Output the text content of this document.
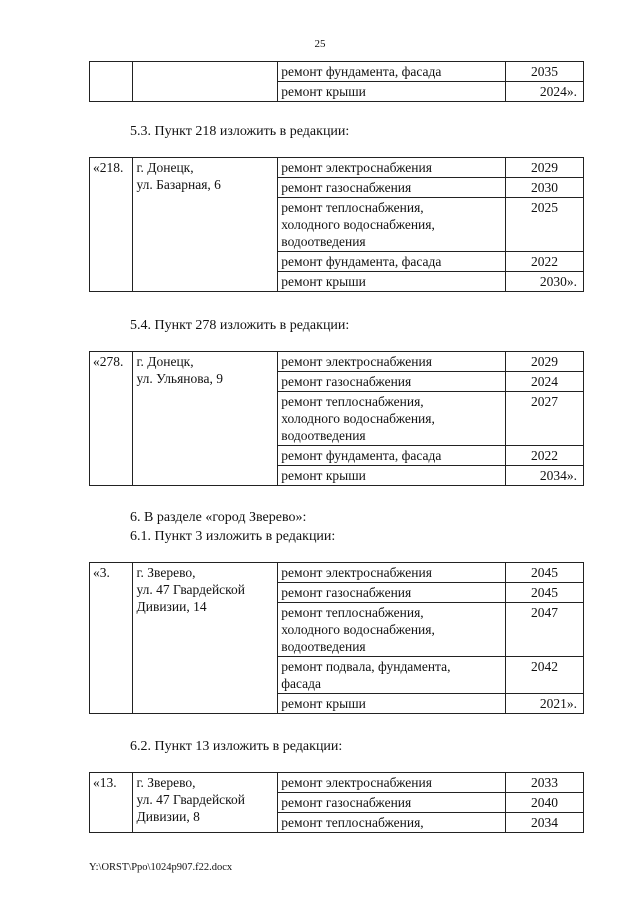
25
		ремонт фундамента, фасада	2035
		ремонт крыши	2024».
5.3. Пункт 218 изложить в редакции:
«218.	г. Донецк,
ул. Базарная, 6	ремонт электроснабжения	2029
		ремонт газоснабжения	2030
		ремонт теплоснабжения,
холодного водоснабжения,
водоотведения	2025
		ремонт фундамента, фасада	2022
		ремонт крыши	2030».
5.4. Пункт 278 изложить в редакции:
«278.	г. Донецк,
ул. Ульянова, 9	ремонт электроснабжения	2029
		ремонт газоснабжения	2024
		ремонт теплоснабжения,
холодного водоснабжения,
водоотведения	2027
		ремонт фундамента, фасада	2022
		ремонт крыши	2034».
6. В разделе «город Зверево»:
6.1. Пункт 3 изложить в редакции:
«3.	г. Зверево,
ул. 47 Гвардейской
Дивизии, 14	ремонт электроснабжения	2045
		ремонт газоснабжения	2045
		ремонт теплоснабжения,
холодного водоснабжения,
водоотведения	2047
		ремонт подвала, фундамента,
фасада	2042
		ремонт крыши	2021».
6.2. Пункт 13 изложить в редакции:
«13.	г. Зверево,
ул. 47 Гвардейской
Дивизии, 8	ремонт электроснабжения	2033
		ремонт газоснабжения	2040
		ремонт теплоснабжения,	2034
Y:\ORST\Ppo\1024p907.f22.docx
